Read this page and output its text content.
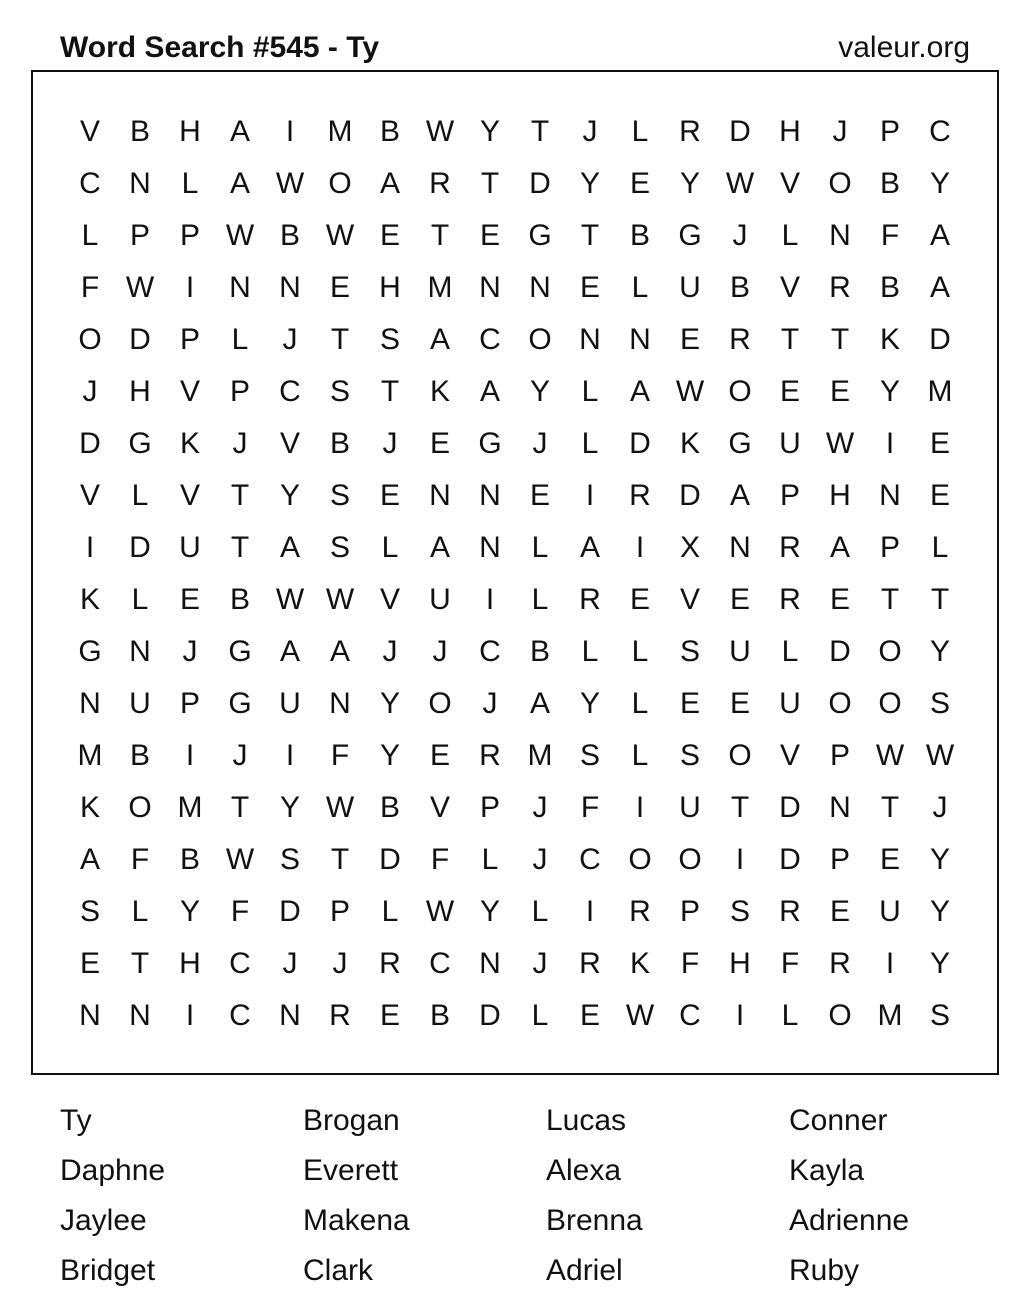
Word Search #545 - Ty	valeur.org
V B H A	I	M B W Y	T	J	L	R D H	J	P C
C N	L	A W O A R	T	D Y E Y W V O B Y
L	P P W B W E	T	E G T	B G	J	L	N	F	A
F W	I	N N E H M N N E	L	U B V R B A
O D P	L	J	T	S A C O N N E R	T	T	K D
J	H V P C S	T	K A Y	L	A W O E E Y M
D G K	J	V B	J	E G	J	L	D K G U W	I	E
V	L	V	T	Y S E N N E	I	R D A P H N E
I	D U	T	A S	L	A N	L	A	I	X N R A P	L
K	L	E B W W V U	I	L	R E V E R E	T	T
G N	J	G A A	J	J	C B	L	L	S U	L	D O Y
N U P G U N Y O	J	A Y	L	E E U O O S
M B	I	J	I	F	Y E R M S	L	S O V P W W
K O M T	Y W B V P	J	F	I	U	T	D N	T	J
A	F	B W S	T	D	F	L	J	C O O	I	D P E Y
S	L	Y	F	D P	L W Y	L	I	R P S R E U Y
E	T	H C	J	J	R C N	J	R K	F	H	F	R	I	Y
N N	I	C N R E B D	L	E W C	I	L O M S
Ty	Brogan	Lucas	Conner
Daphne	Everett	Alexa	Kayla
Jaylee	Makena	Brenna	Adrienne
Bridget	Clark	Adriel	Ruby
